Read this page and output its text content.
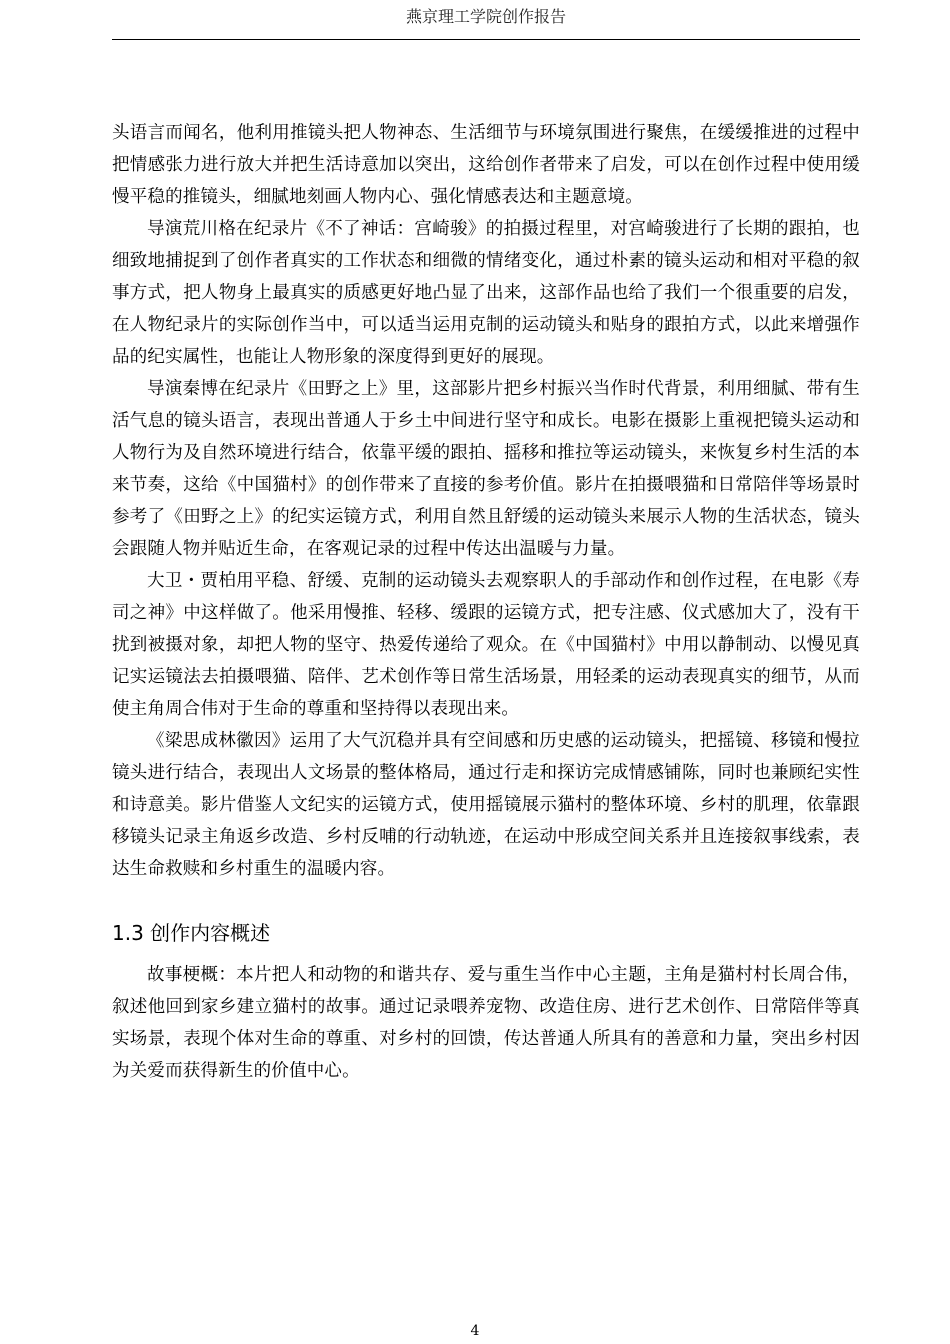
燕京理工学院创作报告

头语言而闻名，他利用推镜头把人物神态、生活细节与环境氛围进行聚焦，在缓缓推进的过程中把情感张力进行放大并把生活诗意加以突出，这给创作者带来了启发，可以在创作过程中使用缓慢平稳的推镜头，细腻地刻画人物内心、强化情感表达和主题意境。

导演荒川格在纪录片《不了神话：宫崎骏》的拍摄过程里，对宫崎骏进行了长期的跟拍，也细致地捕捉到了创作者真实的工作状态和细微的情绪变化，通过朴素的镜头运动和相对平稳的叙事方式，把人物身上最真实的质感更好地凸显了出来，这部作品也给了我们一个很重要的启发，在人物纪录片的实际创作当中，可以适当运用克制的运动镜头和贴身的跟拍方式，以此来增强作品的纪实属性，也能让人物形象的深度得到更好的展现。

导演秦博在纪录片《田野之上》里，这部影片把乡村振兴当作时代背景，利用细腻、带有生活气息的镜头语言，表现出普通人于乡土中间进行坚守和成长。电影在摄影上重视把镜头运动和人物行为及自然环境进行结合，依靠平缓的跟拍、摇移和推拉等运动镜头，来恢复乡村生活的本来节奏，这给《中国猫村》的创作带来了直接的参考价值。影片在拍摄喂猫和日常陪伴等场景时参考了《田野之上》的纪实运镜方式，利用自然且舒缓的运动镜头来展示人物的生活状态，镜头会跟随人物并贴近生命，在客观记录的过程中传达出温暖与力量。

大卫・贾柏用平稳、舒缓、克制的运动镜头去观察职人的手部动作和创作过程，在电影《寿司之神》中这样做了。他采用慢推、轻移、缓跟的运镜方式，把专注感、仪式感加大了，没有干扰到被摄对象，却把人物的坚守、热爱传递给了观众。在《中国猫村》中用以静制动、以慢见真记实运镜法去拍摄喂猫、陪伴、艺术创作等日常生活场景，用轻柔的运动表现真实的细节，从而使主角周合伟对于生命的尊重和坚持得以表现出来。

《梁思成林徽因》运用了大气沉稳并具有空间感和历史感的运动镜头，把摇镜、移镜和慢拉镜头进行结合，表现出人文场景的整体格局，通过行走和探访完成情感铺陈，同时也兼顾纪实性和诗意美。影片借鉴人文纪实的运镜方式，使用摇镜展示猫村的整体环境、乡村的肌理，依靠跟移镜头记录主角返乡改造、乡村反哺的行动轨迹，在运动中形成空间关系并且连接叙事线索，表达生命救赎和乡村重生的温暖内容。

1.3 创作内容概述

故事梗概：本片把人和动物的和谐共存、爱与重生当作中心主题，主角是猫村村长周合伟，叙述他回到家乡建立猫村的故事。通过记录喂养宠物、改造住房、进行艺术创作、日常陪伴等真实场景，表现个体对生命的尊重、对乡村的回馈，传达普通人所具有的善意和力量，突出乡村因为关爱而获得新生的价值中心。

4
